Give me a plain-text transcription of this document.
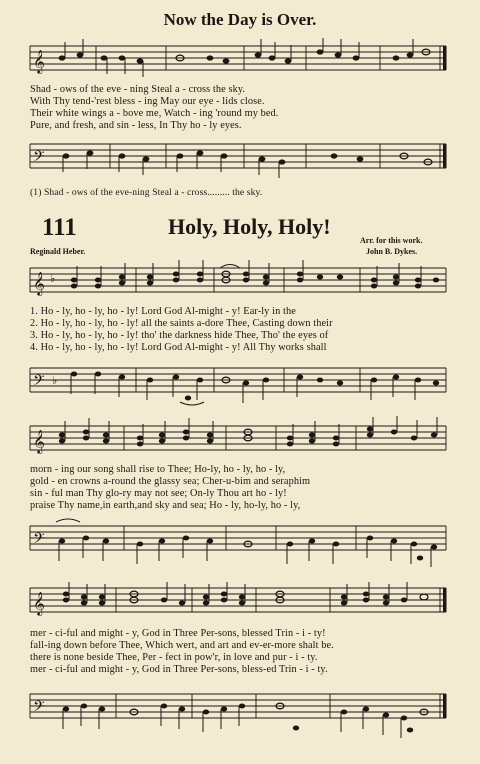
Now the Day is Over.
𝄞
Shad - ows of the eve - ning Steal a - cross the sky.
With Thy tend-'rest bless - ing May our eye - lids close.
Their white wings a - bove me, Watch - ing 'round my bed.
Pure, and fresh, and sin - less, In Thy ho - ly eyes.
𝄢
(1) Shad - ows of the eve-ning Steal a - cross......... the sky.
111	Holy, Holy, Holy!
Reginald Heber.
Arr. for this work.
John B. Dykes.
𝄞 ♭
1. Ho - ly, ho - ly, ho - ly! Lord God Al-might - y! Ear-ly in the
2. Ho - ly, ho - ly, ho - ly! all the saints a-dore Thee, Casting down their
3. Ho - ly, ho - ly, ho - ly! tho' the darkness hide Thee, Tho' the eyes of
4. Ho - ly, ho - ly, ho - ly! Lord God Al-might - y! All Thy works shall
𝄢 ♭
𝄞
morn - ing our song shall rise to Thee; Ho-ly, ho - ly, ho - ly,
gold - en crowns a-round the glassy sea; Cher-u-bim and seraphim
sin - ful man Thy glo-ry may not see; On-ly Thou art ho - ly!
praise Thy name,in earth,and sky and sea; Ho - ly, ho-ly, ho - ly,
𝄢
𝄞
mer - ci-ful and might - y, God in Three Per-sons, blessed Trin - i - ty!
fall-ing down before Thee, Which wert, and art and ev-er-more shalt be.
there is none beside Thee, Per - fect in pow'r, in love and pur - i - ty.
mer - ci-ful and might - y, God in Three Per-sons, bless-ed Trin - i - ty.
𝄢
